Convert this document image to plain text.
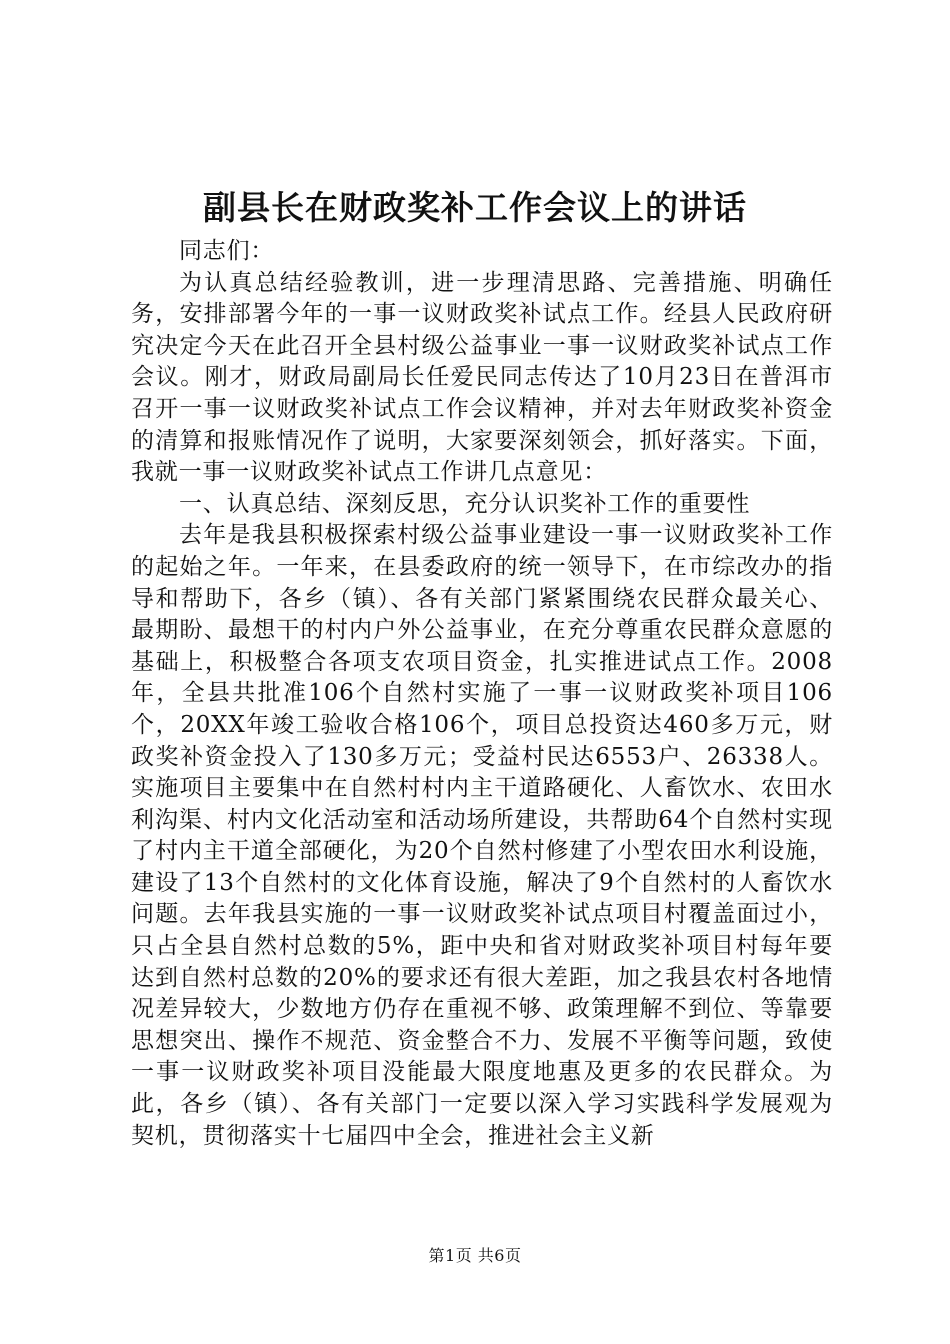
副县长在财政奖补工作会议上的讲话

同志们：

为认真总结经验教训，进一步理清思路、完善措施、明确任务，安排部署今年的一事一议财政奖补试点工作。经县人民政府研究决定今天在此召开全县村级公益事业一事一议财政奖补试点工作会议。刚才，财政局副局长任爱民同志传达了10月23日在普洱市召开一事一议财政奖补试点工作会议精神，并对去年财政奖补资金的清算和报账情况作了说明，大家要深刻领会，抓好落实。下面，我就一事一议财政奖补试点工作讲几点意见：

一、认真总结、深刻反思，充分认识奖补工作的重要性

去年是我县积极探索村级公益事业建设一事一议财政奖补工作的起始之年。一年来，在县委政府的统一领导下，在市综改办的指导和帮助下，各乡（镇）、各有关部门紧紧围绕农民群众最关心、最期盼、最想干的村内户外公益事业，在充分尊重农民群众意愿的基础上，积极整合各项支农项目资金，扎实推进试点工作。2008年，全县共批准106个自然村实施了一事一议财政奖补项目106个，20XX年竣工验收合格106个，项目总投资达460多万元，财政奖补资金投入了130多万元；受益村民达6553户、26338人。实施项目主要集中在自然村村内主干道路硬化、人畜饮水、农田水利沟渠、村内文化活动室和活动场所建设，共帮助64个自然村实现了村内主干道全部硬化，为20个自然村修建了小型农田水利设施，建设了13个自然村的文化体育设施，解决了9个自然村的人畜饮水问题。去年我县实施的一事一议财政奖补试点项目村覆盖面过小，只占全县自然村总数的5%，距中央和省对财政奖补项目村每年要达到自然村总数的20%的要求还有很大差距，加之我县农村各地情况差异较大，少数地方仍存在重视不够、政策理解不到位、等靠要思想突出、操作不规范、资金整合不力、发展不平衡等问题，致使一事一议财政奖补项目没能最大限度地惠及更多的农民群众。为此，各乡（镇）、各有关部门一定要以深入学习实践科学发展观为契机，贯彻落实十七届四中全会，推进社会主义新

第1页 共6页
